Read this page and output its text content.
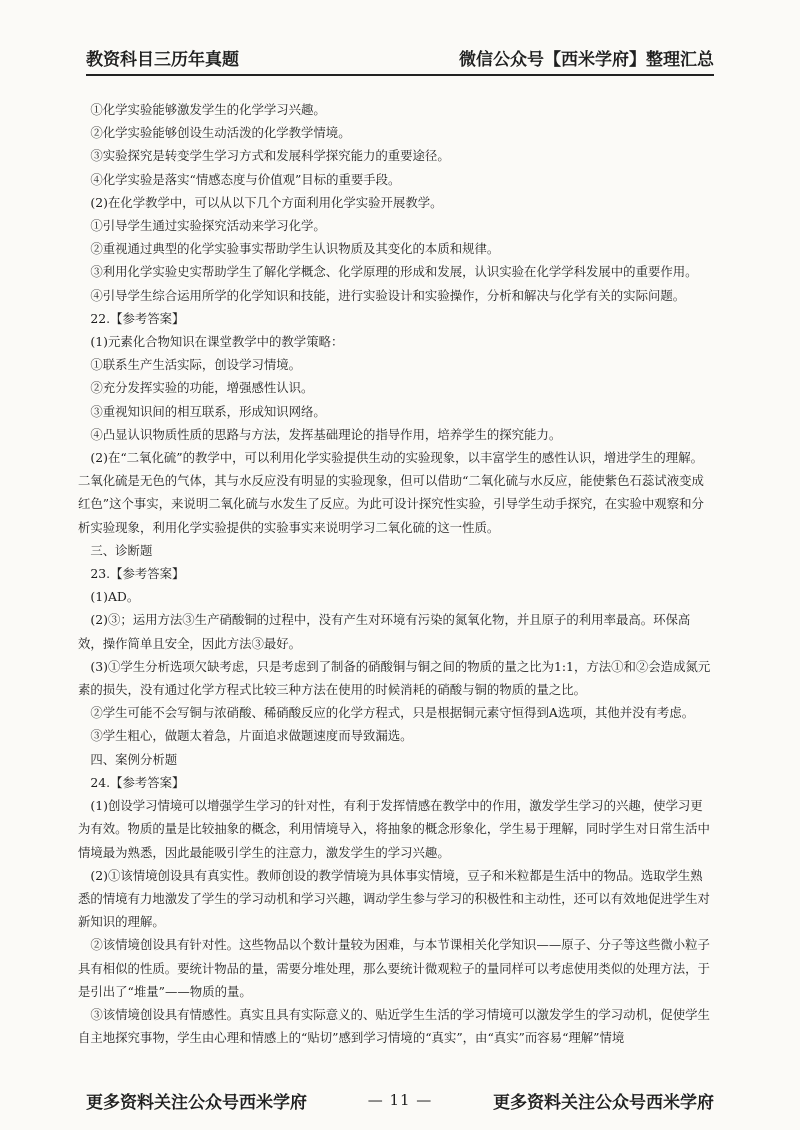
教资科目三历年真题	微信公众号【西米学府】整理汇总

①化学实验能够激发学生的化学学习兴趣。

②化学实验能够创设生动活泼的化学教学情境。

③实验探究是转变学生学习方式和发展科学探究能力的重要途径。

④化学实验是落实“情感态度与价值观”目标的重要手段。

(2)在化学教学中，可以从以下几个方面利用化学实验开展教学。

①引导学生通过实验探究活动来学习化学。

②重视通过典型的化学实验事实帮助学生认识物质及其变化的本质和规律。

③利用化学实验史实帮助学生了解化学概念、化学原理的形成和发展，认识实验在化学学科发展中的重要作用。

④引导学生综合运用所学的化学知识和技能，进行实验设计和实验操作，分析和解决与化学有关的实际问题。

22.【参考答案】

(1)元素化合物知识在课堂教学中的教学策略：

①联系生产生活实际，创设学习情境。

②充分发挥实验的功能，增强感性认识。

③重视知识间的相互联系，形成知识网络。

④凸显认识物质性质的思路与方法，发挥基础理论的指导作用，培养学生的探究能力。

(2)在“二氧化硫”的教学中，可以利用化学实验提供生动的实验现象，以丰富学生的感性认识，增进学生的理解。二氧化硫是无色的气体，其与水反应没有明显的实验现象，但可以借助“二氧化硫与水反应，能使紫色石蕊试液变成红色”这个事实，来说明二氧化硫与水发生了反应。为此可设计探究性实验，引导学生动手探究，在实验中观察和分析实验现象，利用化学实验提供的实验事实来说明学习二氧化硫的这一性质。

三、诊断题

23.【参考答案】

(1)AD。

(2)③；运用方法③生产硝酸铜的过程中，没有产生对环境有污染的氮氧化物，并且原子的利用率最高。环保高效，操作简单且安全，因此方法③最好。

(3)①学生分析选项欠缺考虑，只是考虑到了制备的硝酸铜与铜之间的物质的量之比为1:1，方法①和②会造成氮元素的损失，没有通过化学方程式比较三种方法在使用的时候消耗的硝酸与铜的物质的量之比。

②学生可能不会写铜与浓硝酸、稀硝酸反应的化学方程式，只是根据铜元素守恒得到A选项，其他并没有考虑。

③学生粗心，做题太着急，片面追求做题速度而导致漏选。

四、案例分析题

24.【参考答案】

(1)创设学习情境可以增强学生学习的针对性，有利于发挥情感在教学中的作用，激发学生学习的兴趣，使学习更为有效。物质的量是比较抽象的概念，利用情境导入，将抽象的概念形象化，学生易于理解，同时学生对日常生活中情境最为熟悉，因此最能吸引学生的注意力，激发学生的学习兴趣。

(2)①该情境创设具有真实性。教师创设的教学情境为具体事实情境，豆子和米粒都是生活中的物品。选取学生熟悉的情境有力地激发了学生的学习动机和学习兴趣，调动学生参与学习的积极性和主动性，还可以有效地促进学生对新知识的理解。

②该情境创设具有针对性。这些物品以个数计量较为困难，与本节课相关化学知识——原子、分子等这些微小粒子具有相似的性质。要统计物品的量，需要分堆处理，那么要统计微观粒子的量同样可以考虑使用类似的处理方法，于是引出了“堆量”——物质的量。

③该情境创设具有情感性。真实且具有实际意义的、贴近学生生活的学习情境可以激发学生的学习动机，促使学生自主地探究事物，学生由心理和情感上的“贴切”感到学习情境的“真实”，由“真实”而容易“理解”情境

更多资料关注公众号西米学府	— 11 —	更多资料关注公众号西米学府
